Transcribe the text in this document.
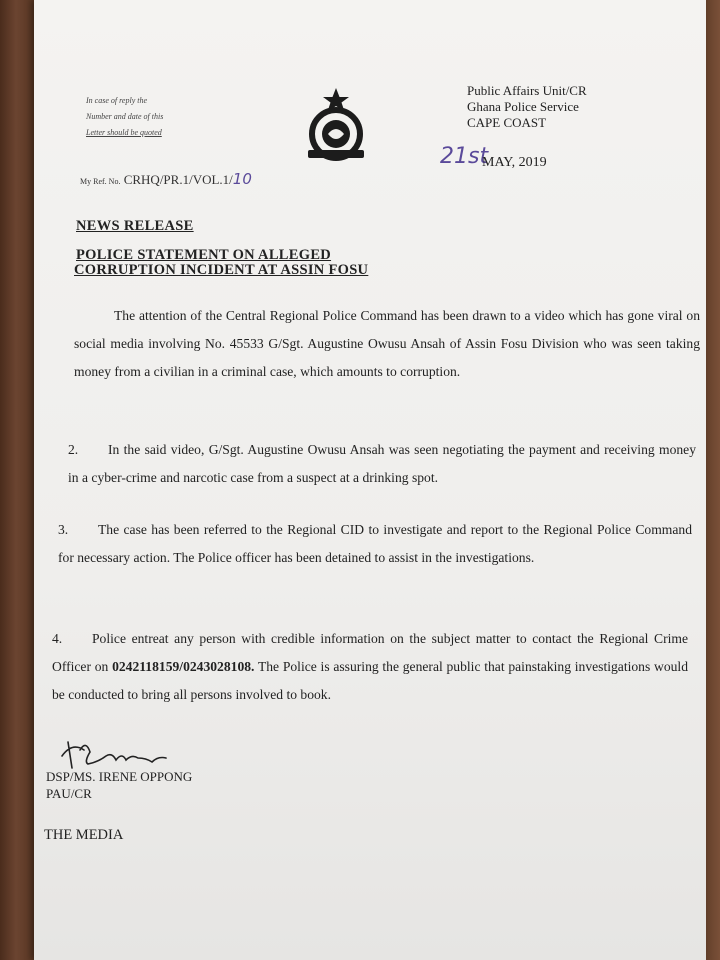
In case of reply the
Number and date of this
Letter should be quoted
Public Affairs Unit/CR
Ghana Police Service
CAPE COAST
21st
MAY, 2019
My Ref. No. CRHQ/PR.1/VOL.1/10
NEWS RELEASE
POLICE STATEMENT ON ALLEGED
CORRUPTION INCIDENT AT ASSIN FOSU
The attention of the Central Regional Police Command has been drawn to a video which has gone viral on social media involving No. 45533 G/Sgt. Augustine Owusu Ansah of Assin Fosu Division who was seen taking money from a civilian in a criminal case, which amounts to corruption.
2. In the said video, G/Sgt. Augustine Owusu Ansah was seen negotiating the payment and receiving money in a cyber-crime and narcotic case from a suspect at a drinking spot.
3. The case has been referred to the Regional CID to investigate and report to the Regional Police Command for necessary action. The Police officer has been detained to assist in the investigations.
4. Police entreat any person with credible information on the subject matter to contact the Regional Crime Officer on 0242118159/0243028108. The Police is assuring the general public that painstaking investigations would be conducted to bring all persons involved to book.
DSP/MS. IRENE OPPONG
PAU/CR
THE MEDIA
